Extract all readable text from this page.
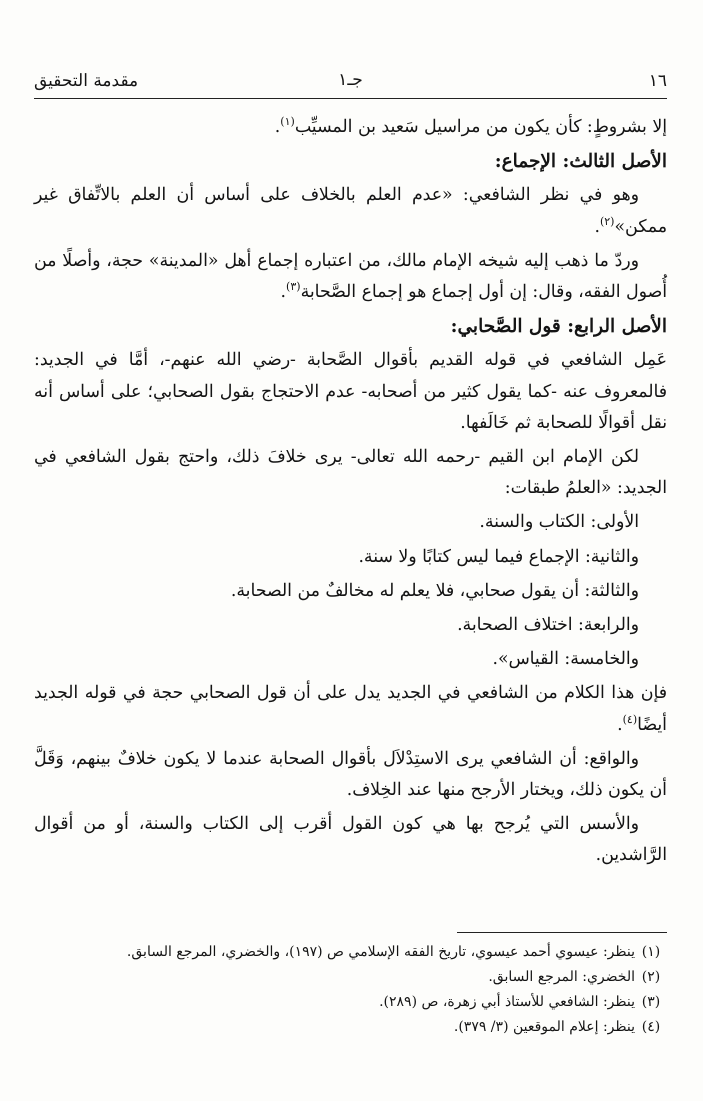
١٦
جـ١
مقدمة التحقيق

إلا بشروطٍ: كأن يكون من مراسيل سَعيد بن المسيِّب$^{(١)}$.

الأصل الثالث: الإجماع:

وهو في نظر الشافعي: «عدم العلم بالخلاف على أساس أن العلم بالاتِّفاق غير ممكن»$^{(٢)}$.

وردّ ما ذهب إليه شيخه الإمام مالك، من اعتباره إجماع أهل «المدينة» حجة، وأصلًا من أُصول الفقه، وقال: إن أول إجماع هو إجماع الصَّحابة$^{(٣)}$.

الأصل الرابع: قول الصَّحابي:

عَمِل الشافعي في قوله القديم بأقوال الصَّحابة -رضي الله عنهم-، أمَّا في الجديد: فالمعروف عنه -كما يقول كثير من أصحابه- عدم الاحتجاج بقول الصحابي؛ على أساس أنه نقل أقوالًا للصحابة ثم خَالَفها.

لكن الإمام ابن القيم -رحمه الله تعالى- يرى خلافَ ذلك، واحتج بقول الشافعي في الجديد: «العلمُ طبقات:

الأولى: الكتاب والسنة.

والثانية: الإجماع فيما ليس كتابًا ولا سنة.

والثالثة: أن يقول صحابي، فلا يعلم له مخالفٌ من الصحابة.

والرابعة: اختلاف الصحابة.

والخامسة: القياس».

فإن هذا الكلام من الشافعي في الجديد يدل على أن قول الصحابي حجة في قوله الجديد أيضًا$^{(٤)}$.

والواقع: أن الشافعي يرى الاستِدْلاَل بأقوال الصحابة عندما لا يكون خلافٌ بينهم، وَقَلَّ أن يكون ذلك، ويختار الأرجح منها عند الخِلاف.

والأسس التي يُرجح بها هي كون القول أقرب إلى الكتاب والسنة، أو من أقوال الرَّاشدين.

(١)
ينظر: عيسوي أحمد عيسوي، تاريخ الفقه الإسلامي ص (١٩٧)، والخضري، المرجع السابق.
(٢)
الخضري: المرجع السابق.
(٣)
ينظر: الشافعي للأستاذ أبي زهرة، ص (٢٨٩).
(٤)
ينظر: إعلام الموقعين (٣/ ٣٧٩).
